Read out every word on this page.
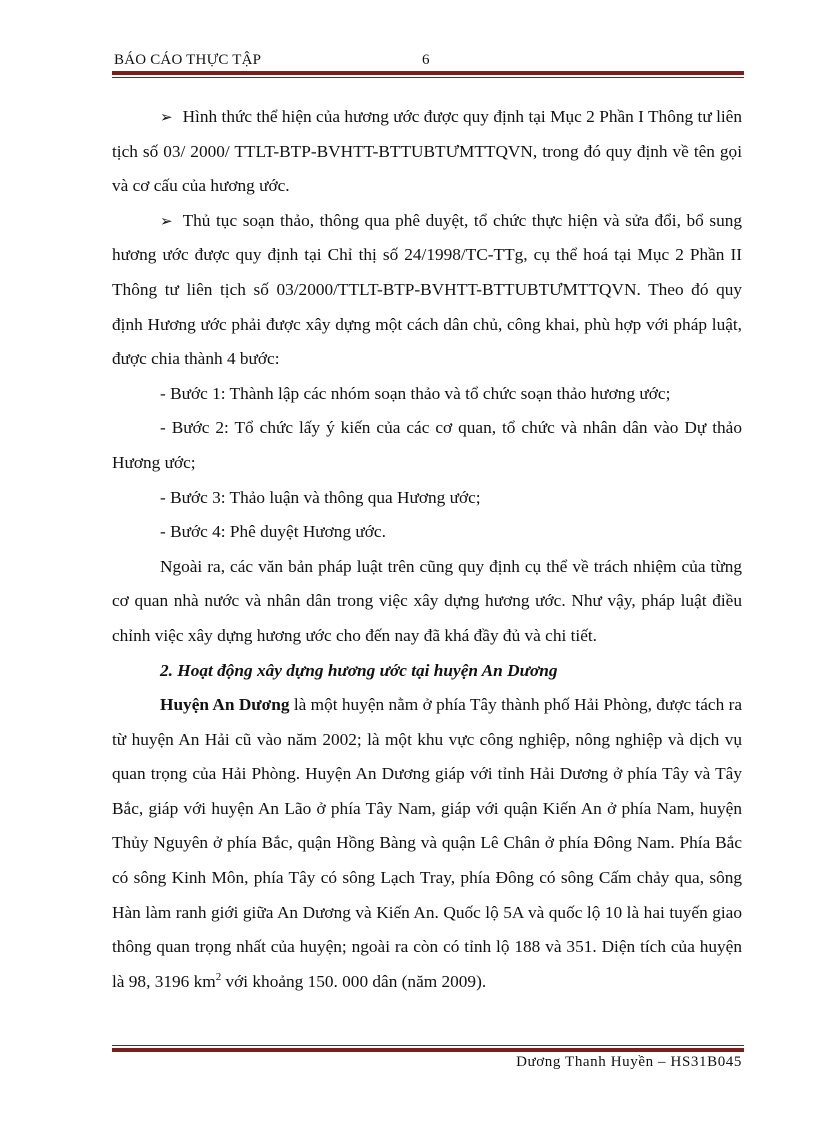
BÁO CÁO THỰC TẬP	6

➢ Hình thức thể hiện của hương ước được quy định tại Mục 2 Phần I Thông tư liên tịch số 03/ 2000/ TTLT-BTP-BVHTT-BTTUBTƯMTTQVN, trong đó quy định về tên gọi và cơ cấu của hương ước.

➢ Thủ tục soạn thảo, thông qua phê duyệt, tổ chức thực hiện và sửa đổi, bổ sung hương ước được quy định tại Chỉ thị số 24/1998/TC-TTg, cụ thể hoá tại Mục 2 Phần II Thông tư liên tịch số 03/2000/TTLT-BTP-BVHTT-BTTUBTƯMTTQVN. Theo đó quy định Hương ước phải được xây dựng một cách dân chủ, công khai, phù hợp với pháp luật, được chia thành 4 bước:

- Bước 1: Thành lập các nhóm soạn thảo và tổ chức soạn thảo hương ước;

- Bước 2: Tổ chức lấy ý kiến của các cơ quan, tổ chức và nhân dân vào Dự thảo Hương ước;

- Bước 3: Thảo luận và thông qua Hương ước;

- Bước 4: Phê duyệt Hương ước.

Ngoài ra, các văn bản pháp luật trên cũng quy định cụ thể về trách nhiệm của từng cơ quan nhà nước và nhân dân trong việc xây dựng hương ước. Như vậy, pháp luật điều chỉnh việc xây dựng hương ước cho đến nay đã khá đầy đủ và chi tiết.

2. Hoạt động xây dựng hương ước tại huyện An Dương

Huyện An Dương là một huyện nằm ở phía Tây thành phố Hải Phòng, được tách ra từ huyện An Hải cũ vào năm 2002; là một khu vực công nghiệp, nông nghiệp và dịch vụ quan trọng của Hải Phòng. Huyện An Dương giáp với tỉnh Hải Dương ở phía Tây và Tây Bắc, giáp với huyện An Lão ở phía Tây Nam, giáp với quận Kiến An ở phía Nam, huyện Thủy Nguyên ở phía Bắc, quận Hồng Bàng và quận Lê Chân ở phía Đông Nam. Phía Bắc có sông Kinh Môn, phía Tây có sông Lạch Tray, phía Đông có sông Cấm chảy qua, sông Hàn làm ranh giới giữa An Dương và Kiến An. Quốc lộ 5A và quốc lộ 10 là hai tuyến giao thông quan trọng nhất của huyện; ngoài ra còn có tỉnh lộ 188 và 351. Diện tích của huyện là 98, 3196 $km^2$ với khoảng 150. 000 dân (năm 2009).

Dương Thanh Huyền – HS31B045
